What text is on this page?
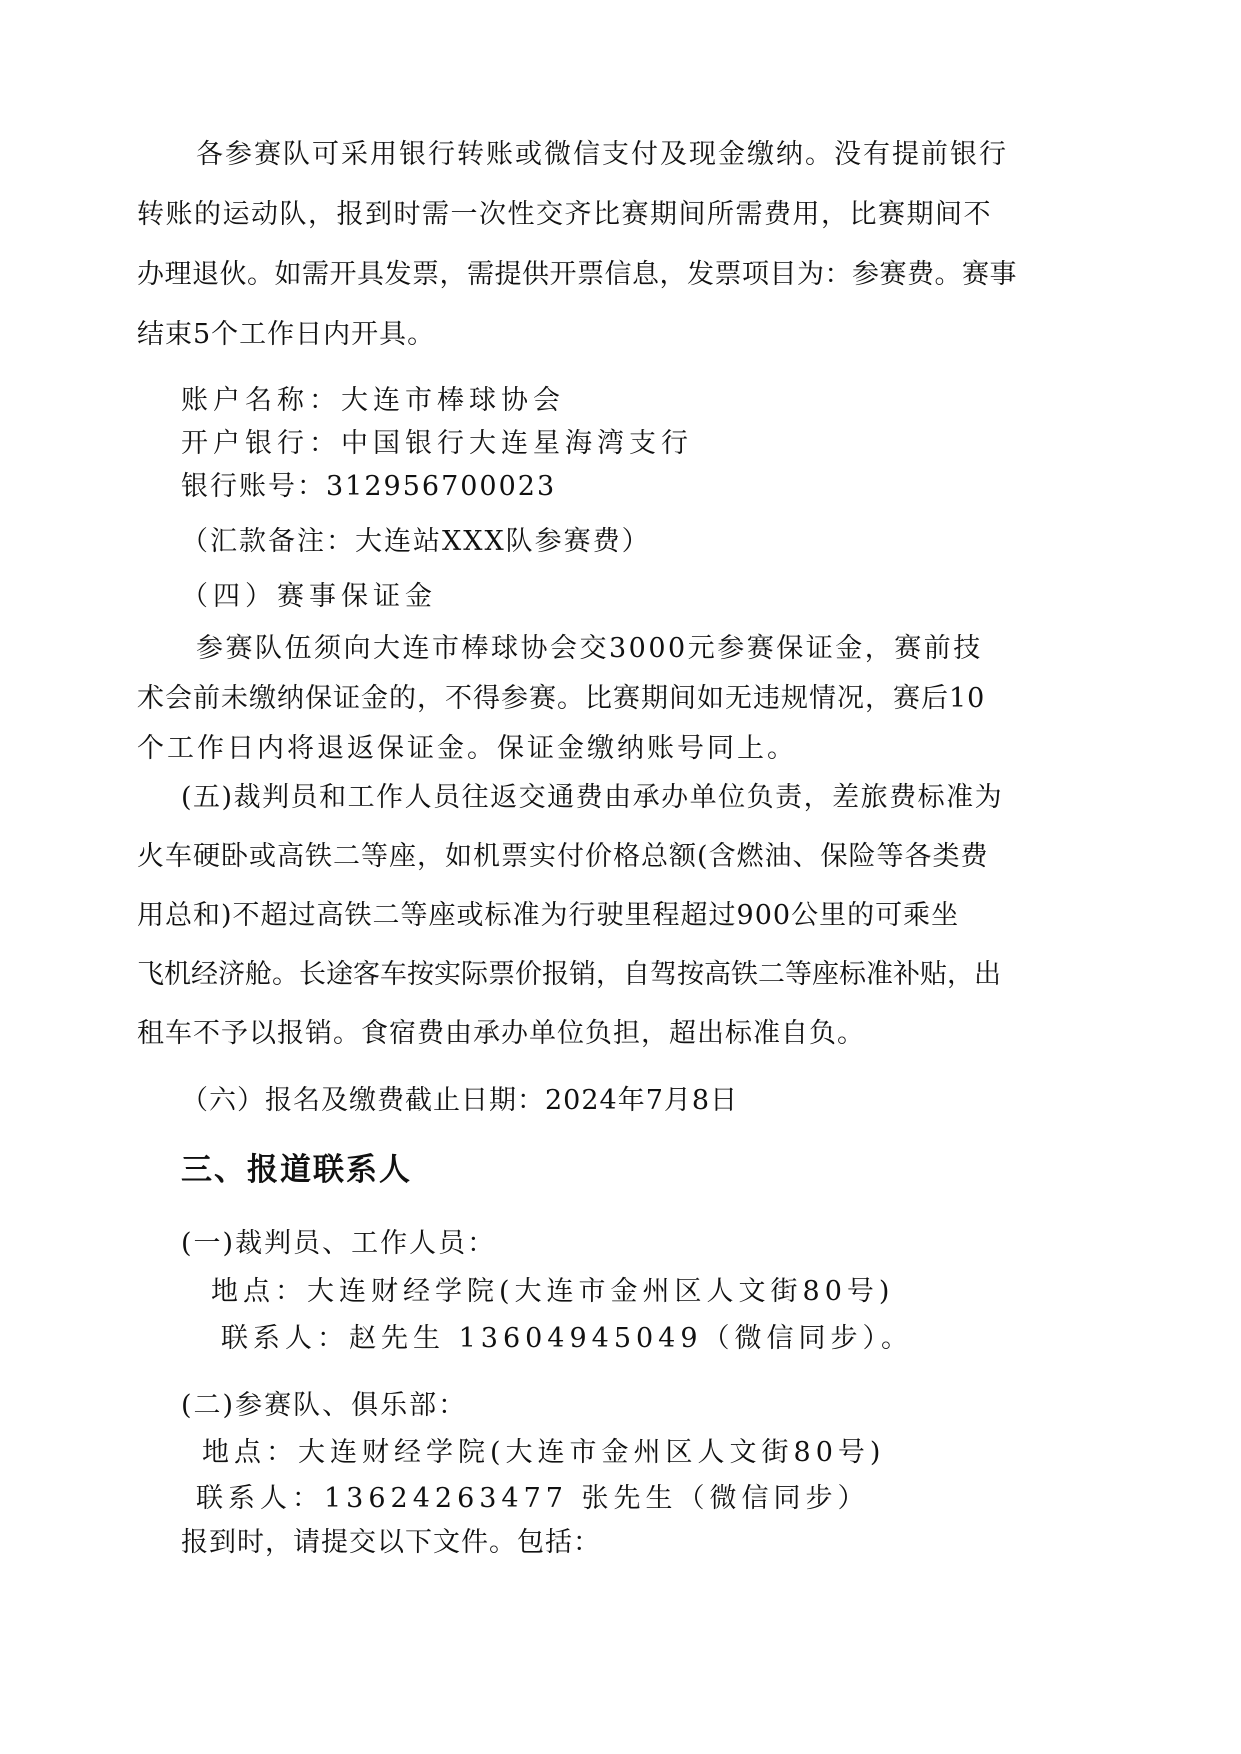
各参赛队可采用银行转账或微信支付及现金缴纳。没有提前银行
转账的运动队，报到时需一次性交齐比赛期间所需费用，比赛期间不
办理退伙。如需开具发票，需提供开票信息，发票项目为：参赛费。赛事
结束5个工作日内开具。
账户名称：大连市棒球协会
开户银行：中国银行大连星海湾支行
银行账号：312956700023
（汇款备注：大连站XXX队参赛费）
（四）赛事保证金
参赛队伍须向大连市棒球协会交3000元参赛保证金，赛前技
术会前未缴纳保证金的，不得参赛。比赛期间如无违规情况，赛后10
个工作日内将退返保证金。保证金缴纳账号同上。
(五)裁判员和工作人员往返交通费由承办单位负责，差旅费标准为
火车硬卧或高铁二等座，如机票实付价格总额(含燃油、保险等各类费
用总和)不超过高铁二等座或标准为行驶里程超过900公里的可乘坐
飞机经济舱。长途客车按实际票价报销，自驾按高铁二等座标准补贴，出
租车不予以报销。食宿费由承办单位负担，超出标准自负。
（六）报名及缴费截止日期：2024年7月8日
三、报道联系人
(一)裁判员、工作人员：
地点：大连财经学院(大连市金州区人文街80号)
联系人：赵先生 13604945049（微信同步）。
(二)参赛队、俱乐部：
地点：大连财经学院(大连市金州区人文街80号)
联系人：13624263477 张先生（微信同步）
报到时，请提交以下文件。包括：
